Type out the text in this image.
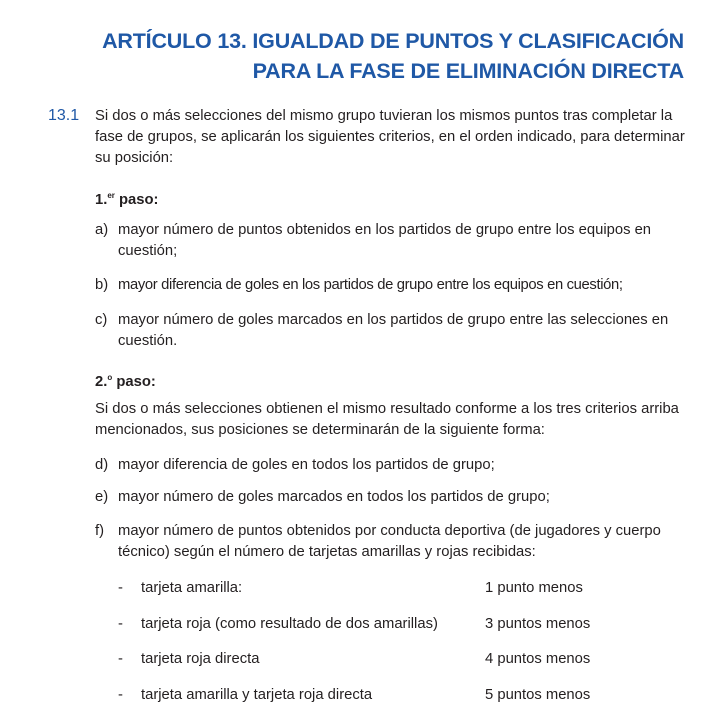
ARTÍCULO 13. IGUALDAD DE PUNTOS Y CLASIFICACIÓN
PARA LA FASE DE ELIMINACIÓN DIRECTA
13.1 Si dos o más selecciones del mismo grupo tuvieran los mismos puntos tras completar la fase de grupos, se aplicarán los siguientes criterios, en el orden indicado, para determinar su posición:

1.$^{er}$ paso:
a) mayor número de puntos obtenidos en los partidos de grupo entre los equipos en cuestión;
b) mayor diferencia de goles en los partidos de grupo entre los equipos en cuestión;
c) mayor número de goles marcados en los partidos de grupo entre las selecciones en cuestión.
2.$^o$ paso:
Si dos o más selecciones obtienen el mismo resultado conforme a los tres criterios arriba mencionados, sus posiciones se determinarán de la siguiente forma:
d) mayor diferencia de goles en todos los partidos de grupo;
e) mayor número de goles marcados en todos los partidos de grupo;
f) mayor número de puntos obtenidos por conducta deportiva (de jugadores y cuerpo técnico) según el número de tarjetas amarillas y rojas recibidas:
- tarjeta amarilla:	1 punto menos
- tarjeta roja (como resultado de dos amarillas)	3 puntos menos
- tarjeta roja directa	4 puntos menos
- tarjeta amarilla y tarjeta roja directa	5 puntos menos
